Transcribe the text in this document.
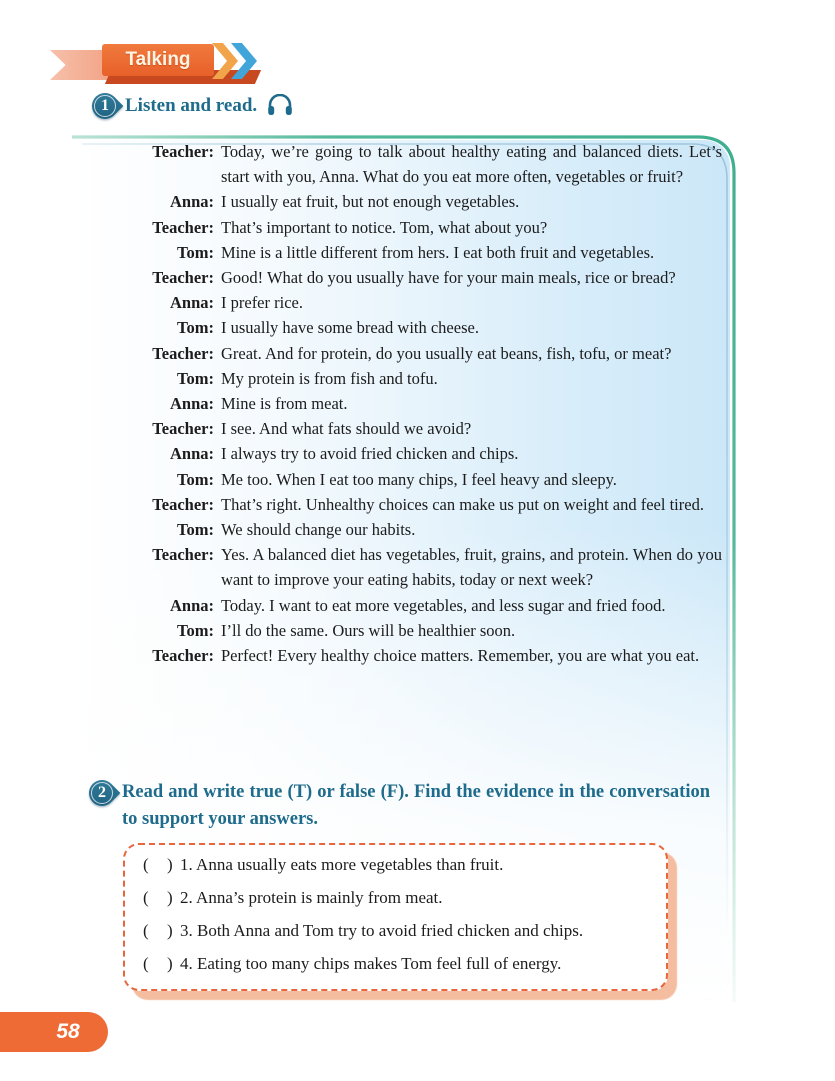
Talking
1 Listen and read.
Teacher: Today, we’re going to talk about healthy eating and balanced diets. Let’s start with you, Anna. What do you eat more often, vegetables or fruit?
Anna: I usually eat fruit, but not enough vegetables.
Teacher: That’s important to notice. Tom, what about you?
Tom: Mine is a little different from hers. I eat both fruit and vegetables.
Teacher: Good! What do you usually have for your main meals, rice or bread?
Anna: I prefer rice.
Tom: I usually have some bread with cheese.
Teacher: Great. And for protein, do you usually eat beans, fish, tofu, or meat?
Tom: My protein is from fish and tofu.
Anna: Mine is from meat.
Teacher: I see. And what fats should we avoid?
Anna: I always try to avoid fried chicken and chips.
Tom: Me too. When I eat too many chips, I feel heavy and sleepy.
Teacher: That’s right. Unhealthy choices can make us put on weight and feel tired.
Tom: We should change our habits.
Teacher: Yes. A balanced diet has vegetables, fruit, grains, and protein. When do you want to improve your eating habits, today or next week?
Anna: Today. I want to eat more vegetables, and less sugar and fried food.
Tom: I’ll do the same. Ours will be healthier soon.
Teacher: Perfect! Every healthy choice matters. Remember, you are what you eat.
2 Read and write true (T) or false (F). Find the evidence in the conversation to support your answers.
(	) 1. Anna usually eats more vegetables than fruit.
(	) 2. Anna’s protein is mainly from meat.
(	) 3. Both Anna and Tom try to avoid fried chicken and chips.
(	) 4. Eating too many chips makes Tom feel full of energy.
58
